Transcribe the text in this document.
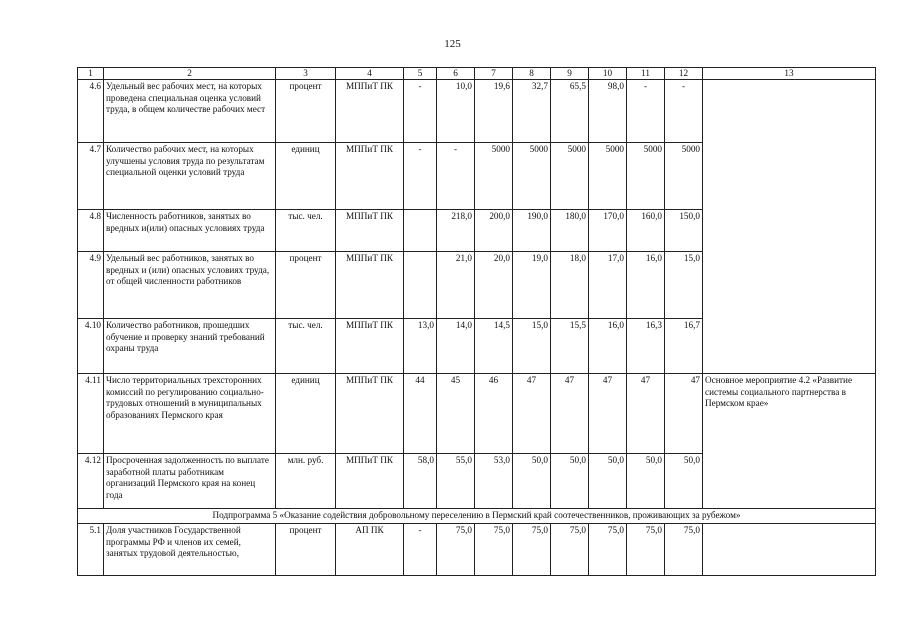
125
1	2	3	4	5	6	7	8	9	10	11	12	13
4.6	Удельный вес рабочих мест, на которых проведена специальная оценка условий труда, в общем количестве рабочих мест	процент	МППиТ ПК	-	10,0	19,6	32,7	65,5	98,0	-	-	
4.7	Количество рабочих мест, на которых улучшены условия труда по результатам специальной оценки условий труда	единиц	МППиТ ПК	-	-	5000	5000	5000	5000	5000	5000	
4.8	Численность работников, занятых во вредных и(или) опасных условиях труда	тыс. чел.	МППиТ ПК		218,0	200,0	190,0	180,0	170,0	160,0	150,0	
4.9	Удельный вес работников, занятых во вредных и (или) опасных условиях труда, от общей численности работников	процент	МППиТ ПК		21,0	20,0	19,0	18,0	17,0	16,0	15,0	
4.10	Количество работников, прошедших обучение и проверку знаний требований охраны труда	тыс. чел.	МППиТ ПК	13,0	14,0	14,5	15,0	15,5	16,0	16,3	16,7	
4.11	Число территориальных трехсторонних комиссий по регулированию социально-трудовых отношений в муниципальных образованиях Пермского края	единиц	МППиТ ПК	44	45	46	47	47	47	47	47	Основное мероприятие 4.2 «Развитие системы социального партнерства в Пермском крае»
4.12	Просроченная задолженность по выплате заработной платы работникам организаций Пермского края на конец года	млн. руб.	МППиТ ПК	58,0	55,0	53,0	50,0	50,0	50,0	50,0	50,0	
Подпрограмма 5 «Оказание содействия добровольному переселению в Пермский край соотечественников, проживающих за рубежом»												
5.1	Доля участников Государственной программы РФ и членов их семей, занятых трудовой деятельностью,	процент	АП ПК	-	75,0	75,0	75,0	75,0	75,0	75,0	75,0	
